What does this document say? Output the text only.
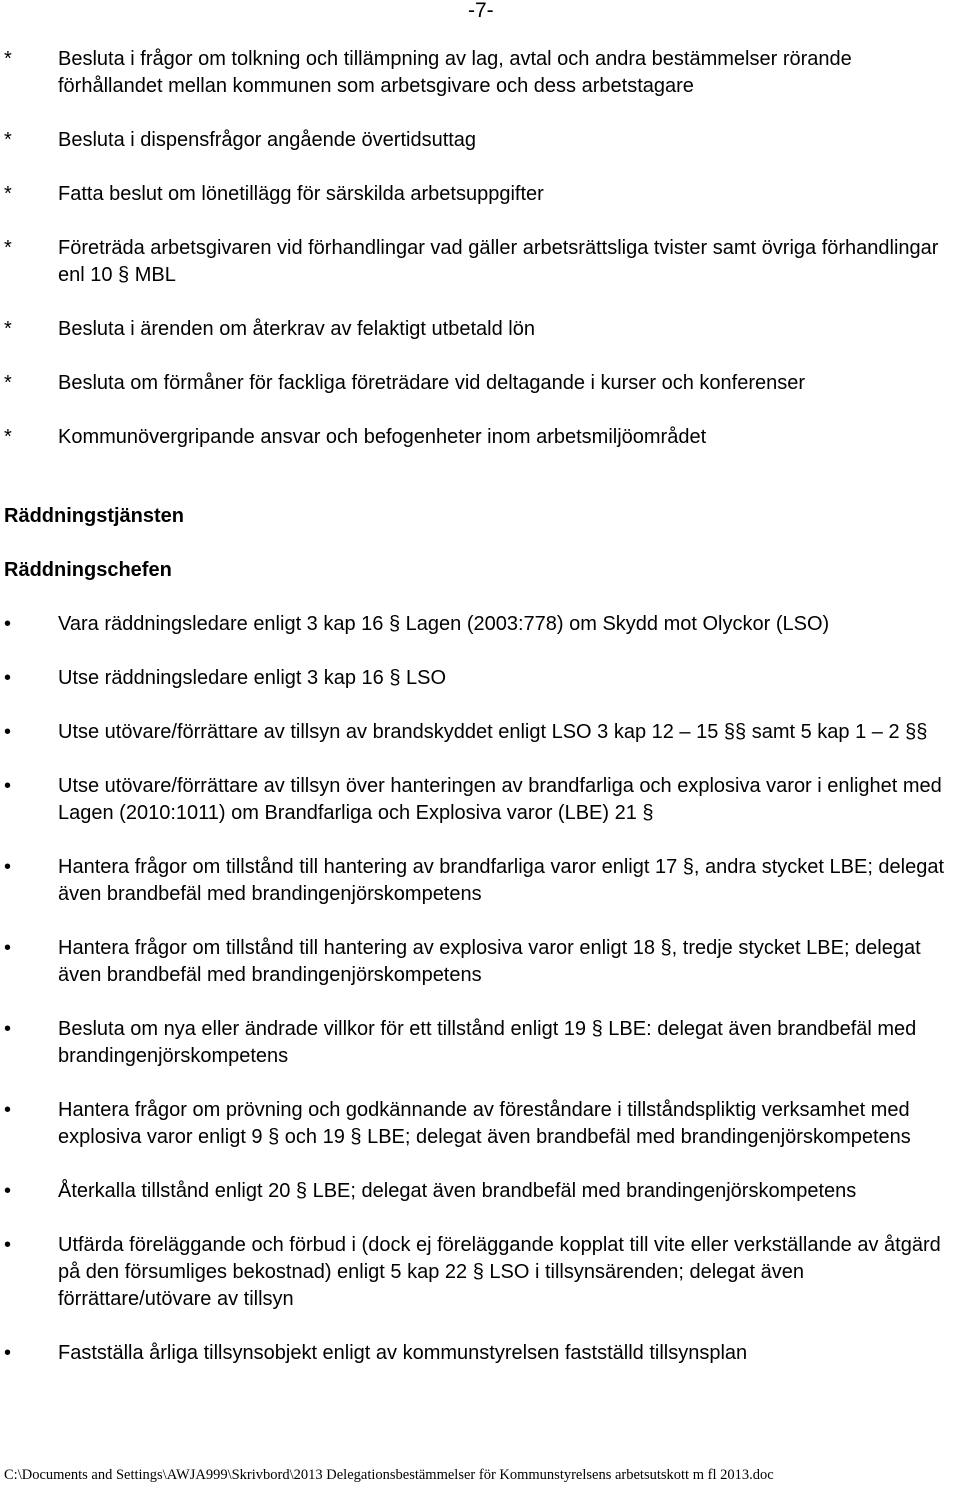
-7-
* Besluta i frågor om tolkning och tillämpning av lag, avtal och andra bestämmelser rörande förhållandet mellan kommunen som arbetsgivare och dess arbetstagare
* Besluta i dispensfrågor angående övertidsuttag
* Fatta beslut om lönetillägg för särskilda arbetsuppgifter
* Företräda arbetsgivaren vid förhandlingar vad gäller arbetsrättsliga tvister samt övriga förhandlingar enl 10 § MBL
* Besluta i ärenden om återkrav av felaktigt utbetald lön
* Besluta om förmåner för fackliga företrädare vid deltagande i kurser och konferenser
* Kommunövergripande ansvar och befogenheter inom arbetsmiljöområdet
Räddningstjänsten
Räddningschefen
• Vara räddningsledare enligt 3 kap 16 § Lagen (2003:778) om Skydd mot Olyckor (LSO)
• Utse räddningsledare enligt 3 kap 16 § LSO
• Utse utövare/förrättare av tillsyn av brandskyddet enligt LSO 3 kap 12 – 15 §§ samt 5 kap 1 – 2 §§
• Utse utövare/förrättare av tillsyn över hanteringen av brandfarliga och explosiva varor i enlighet med Lagen (2010:1011) om Brandfarliga och Explosiva varor (LBE) 21 §
• Hantera frågor om tillstånd till hantering av brandfarliga varor enligt 17 §, andra stycket LBE; delegat även brandbefäl med brandingenjörskompetens
• Hantera frågor om tillstånd till hantering av explosiva varor enligt 18 §, tredje stycket LBE; delegat även brandbefäl med brandingenjörskompetens
• Besluta om nya eller ändrade villkor för ett tillstånd enligt 19 § LBE: delegat även brandbefäl med brandingenjörskompetens
• Hantera frågor om prövning och godkännande av föreståndare i tillståndspliktig verksamhet med explosiva varor enligt 9 § och 19 § LBE; delegat även brandbefäl med brandingenjörskompetens
• Återkalla tillstånd enligt 20 § LBE; delegat även brandbefäl med brandingenjörskompetens
• Utfärda föreläggande och förbud i (dock ej föreläggande kopplat till vite eller verkställande av åtgärd på den försumliges bekostnad) enligt 5 kap 22 § LSO i tillsynsärenden; delegat även förrättare/utövare av tillsyn
• Fastställa årliga tillsynsobjekt enligt av kommunstyrelsen fastställd tillsynsplan
C:\Documents and Settings\AWJA999\Skrivbord\2013 Delegationsbestämmelser för Kommunstyrelsens arbetsutskott m fl 2013.doc
